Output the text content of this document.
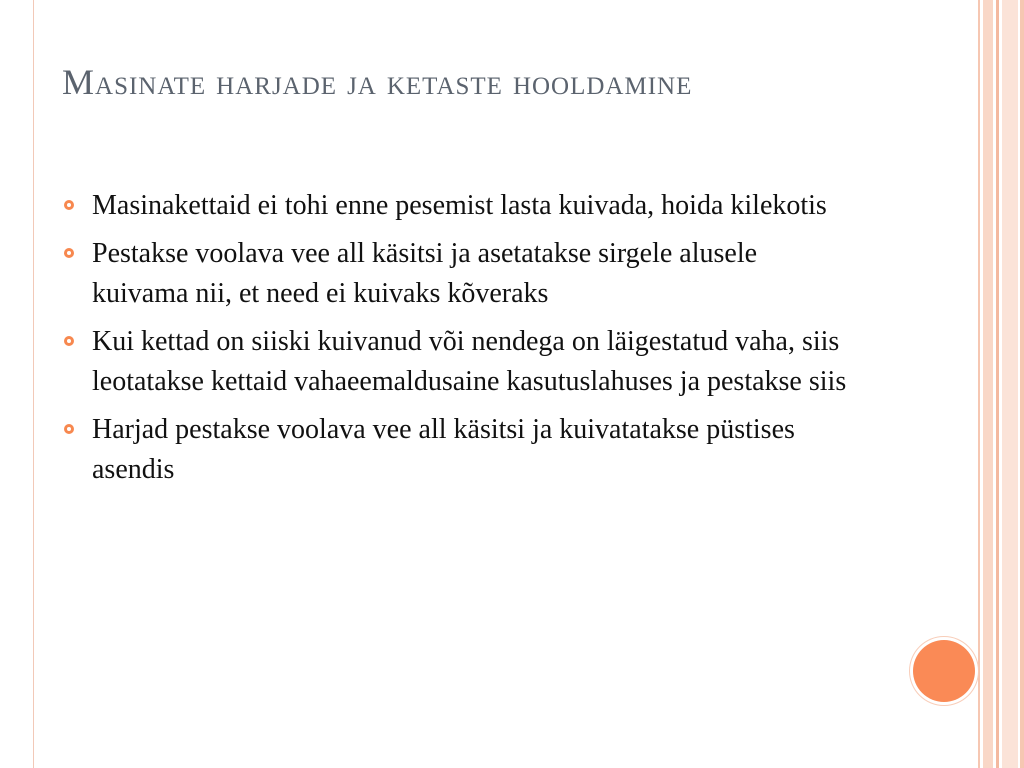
Masinate harjade ja ketaste hooldamine
Masinakettaid ei tohi enne pesemist lasta kuivada, hoida kilekotis
Pestakse voolava vee all käsitsi ja asetatakse sirgele alusele kuivama nii, et need ei kuivaks kõveraks
Kui kettad on siiski kuivanud või nendega on läigestatud vaha, siis leotatakse kettaid vahaeemaldusaine kasutuslahuses ja pestakse siis
Harjad pestakse voolava vee all käsitsi ja kuivatatakse püstises asendis
